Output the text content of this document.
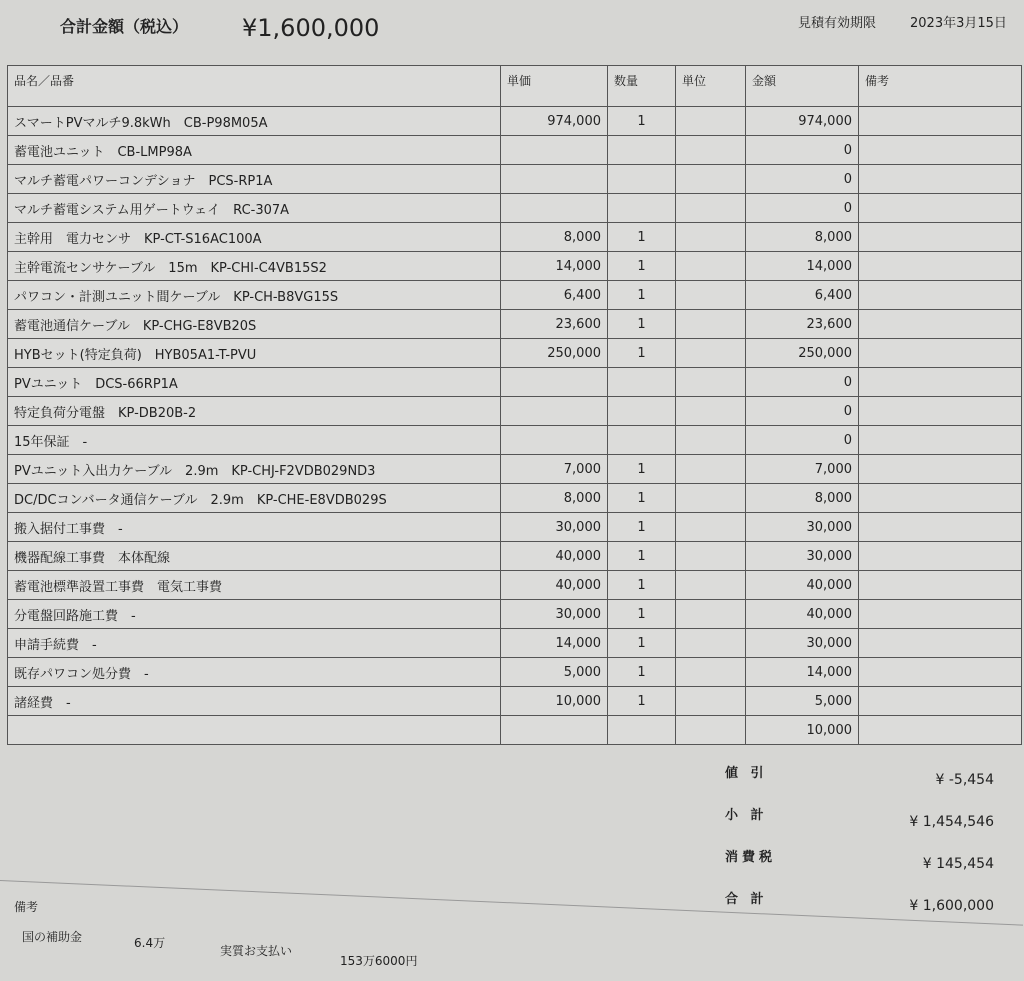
合計金額（税込） ¥1,600,000	見積有効期限	2023年3月15日
品名／品番	単価	数量	単位	金額	備考
スマートPVマルチ9.8kWh　CB-P98M05A	974,000	1		974,000	
蓄電池ユニット　CB-LMP98A				0	
マルチ蓄電パワーコンデショナ　PCS-RP1A				0	
マルチ蓄電システム用ゲートウェイ　RC-307A				0	
主幹用　電力センサ　KP-CT-S16AC100A	8,000	1		8,000	
主幹電流センサケーブル　15m　KP-CHI-C4VB15S2	14,000	1		14,000	
パワコン・計測ユニット間ケーブル　KP-CH-B8VG15S	6,400	1		6,400	
蓄電池通信ケーブル　KP-CHG-E8VB20S	23,600	1		23,600	
HYBセット(特定負荷)　HYB05A1-T-PVU	250,000	1		250,000	
PVユニット　DCS-66RP1A				0	
特定負荷分電盤　KP-DB20B-2				0	
15年保証　-				0	
PVユニット入出力ケーブル　2.9m　KP-CHJ-F2VDB029ND3	7,000	1		7,000	
DC/DCコンバータ通信ケーブル　2.9m　KP-CHE-E8VDB029S	8,000	1		8,000	
搬入据付工事費　-	30,000	1		30,000	
機器配線工事費　本体配線	40,000	1		30,000	
蓄電池標準設置工事費　電気工事費	40,000	1		40,000	
分電盤回路施工費　-	30,000	1		40,000	
申請手続費　-	14,000	1		30,000	
既存パワコン処分費　-	5,000	1		14,000	
諸経費　-	10,000	1		5,000	
				10,000	
値 引	¥ -5,454
小 計	¥ 1,454,546
消費税	¥ 145,454
合 計	¥ 1,600,000
備考
国の補助金	6.4万
実質お支払い
153万6000円
